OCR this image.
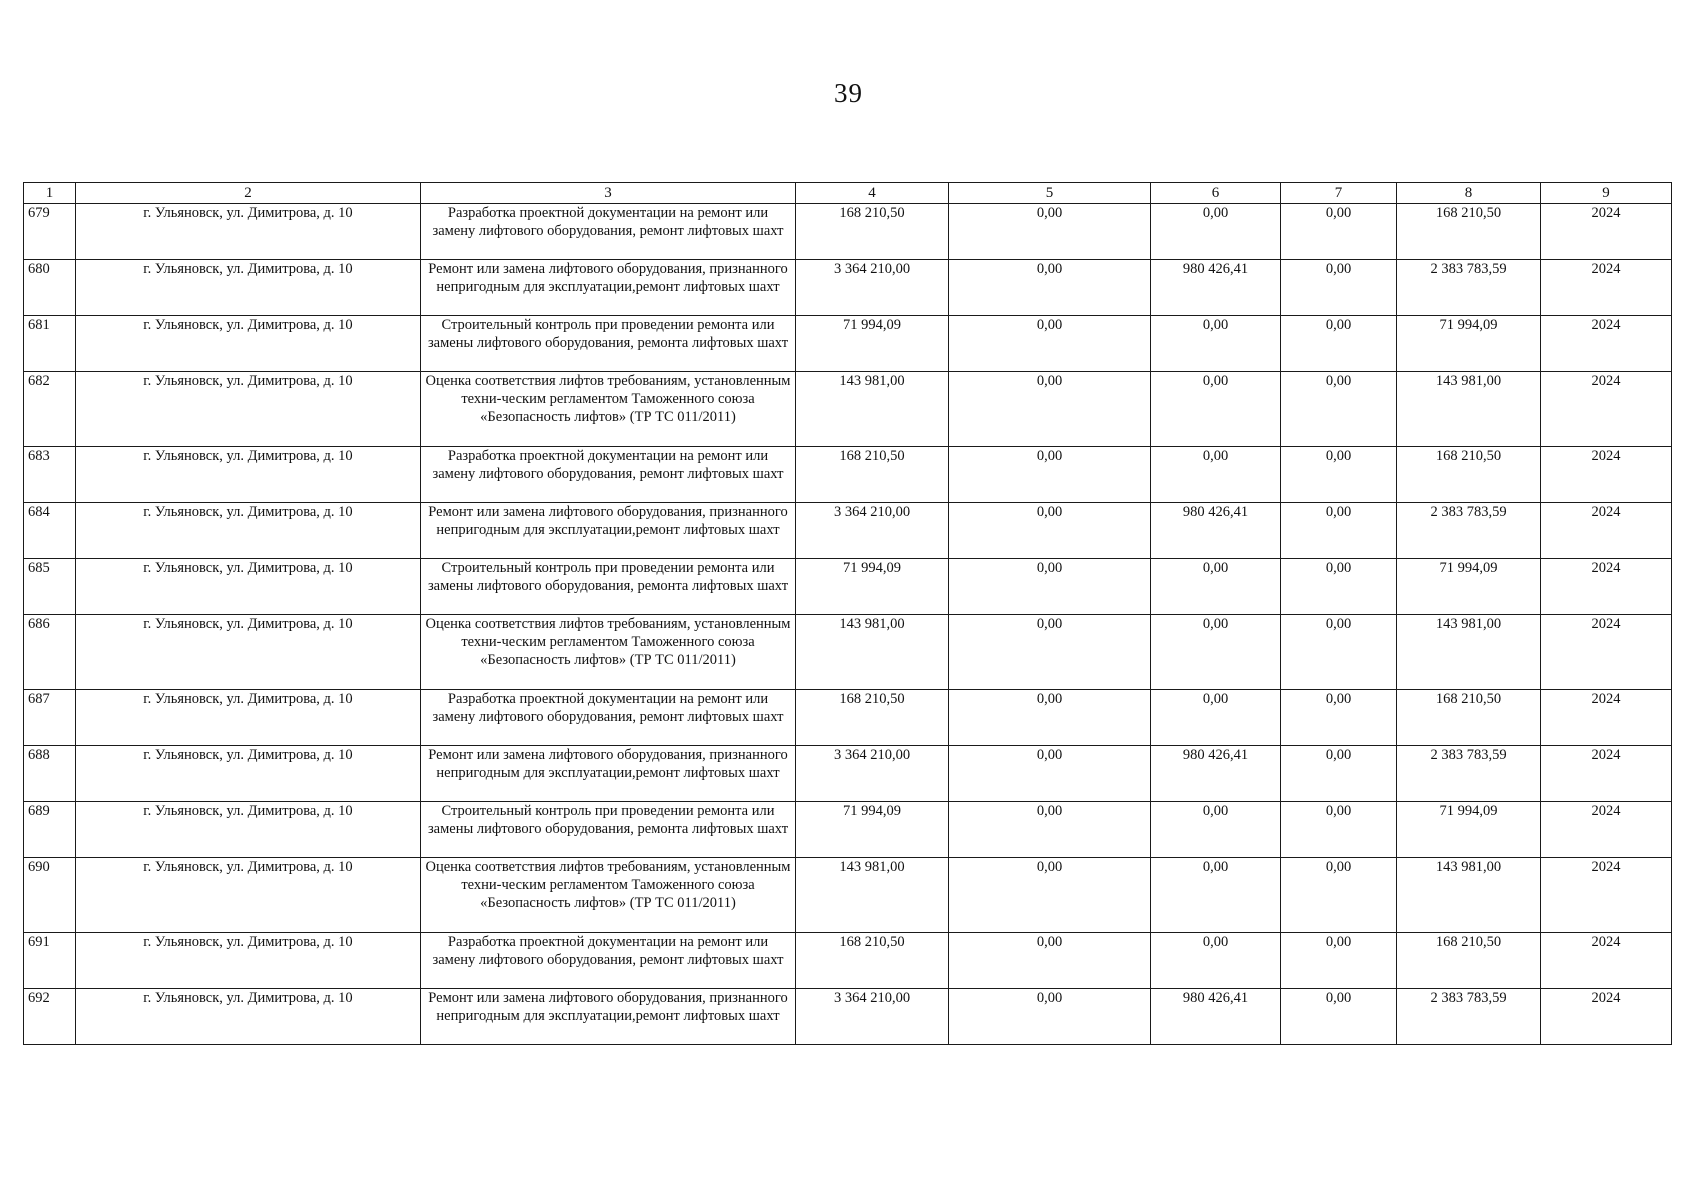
39
1	2	3	4	5	6	7	8	9
679	г. Ульяновск, ул. Димитрова, д. 10	Разработка проектной документации на ремонт или замену лифтового оборудования, ремонт лифтовых шахт	168 210,50	0,00	0,00	0,00	168 210,50	2024
680	г. Ульяновск, ул. Димитрова, д. 10	Ремонт или замена лифтового оборудования, признанного непригодным для эксплуатации,ремонт лифтовых шахт	3 364 210,00	0,00	980 426,41	0,00	2 383 783,59	2024
681	г. Ульяновск, ул. Димитрова, д. 10	Строительный контроль при проведении ремонта или замены лифтового оборудования, ремонта лифтовых шахт	71 994,09	0,00	0,00	0,00	71 994,09	2024
682	г. Ульяновск, ул. Димитрова, д. 10	Оценка соответствия лифтов требованиям, установленным техни-ческим регламентом Таможенного союза «Безопасность лифтов» (ТР ТС 011/2011)	143 981,00	0,00	0,00	0,00	143 981,00	2024
683	г. Ульяновск, ул. Димитрова, д. 10	Разработка проектной документации на ремонт или замену лифтового оборудования, ремонт лифтовых шахт	168 210,50	0,00	0,00	0,00	168 210,50	2024
684	г. Ульяновск, ул. Димитрова, д. 10	Ремонт или замена лифтового оборудования, признанного непригодным для эксплуатации,ремонт лифтовых шахт	3 364 210,00	0,00	980 426,41	0,00	2 383 783,59	2024
685	г. Ульяновск, ул. Димитрова, д. 10	Строительный контроль при проведении ремонта или замены лифтового оборудования, ремонта лифтовых шахт	71 994,09	0,00	0,00	0,00	71 994,09	2024
686	г. Ульяновск, ул. Димитрова, д. 10	Оценка соответствия лифтов требованиям, установленным техни-ческим регламентом Таможенного союза «Безопасность лифтов» (ТР ТС 011/2011)	143 981,00	0,00	0,00	0,00	143 981,00	2024
687	г. Ульяновск, ул. Димитрова, д. 10	Разработка проектной документации на ремонт или замену лифтового оборудования, ремонт лифтовых шахт	168 210,50	0,00	0,00	0,00	168 210,50	2024
688	г. Ульяновск, ул. Димитрова, д. 10	Ремонт или замена лифтового оборудования, признанного непригодным для эксплуатации,ремонт лифтовых шахт	3 364 210,00	0,00	980 426,41	0,00	2 383 783,59	2024
689	г. Ульяновск, ул. Димитрова, д. 10	Строительный контроль при проведении ремонта или замены лифтового оборудования, ремонта лифтовых шахт	71 994,09	0,00	0,00	0,00	71 994,09	2024
690	г. Ульяновск, ул. Димитрова, д. 10	Оценка соответствия лифтов требованиям, установленным техни-ческим регламентом Таможенного союза «Безопасность лифтов» (ТР ТС 011/2011)	143 981,00	0,00	0,00	0,00	143 981,00	2024
691	г. Ульяновск, ул. Димитрова, д. 10	Разработка проектной документации на ремонт или замену лифтового оборудования, ремонт лифтовых шахт	168 210,50	0,00	0,00	0,00	168 210,50	2024
692	г. Ульяновск, ул. Димитрова, д. 10	Ремонт или замена лифтового оборудования, признанного непригодным для эксплуатации,ремонт лифтовых шахт	3 364 210,00	0,00	980 426,41	0,00	2 383 783,59	2024
